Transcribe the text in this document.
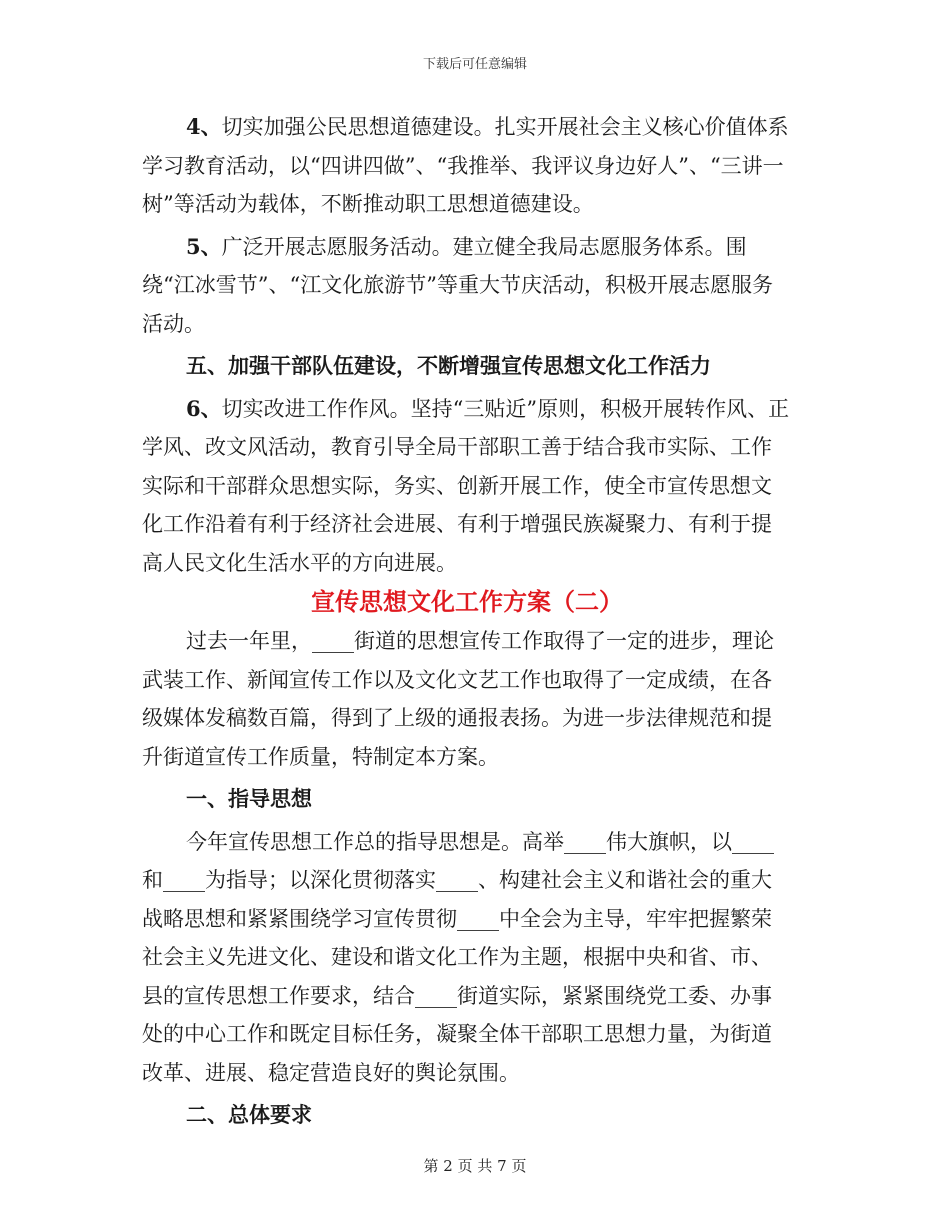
下载后可任意编辑

4、切实加强公民思想道德建设。扎实开展社会主义核心价值体系学习教育活动，以“四讲四做”、“我推举、我评议身边好人”、“三讲一树”等活动为载体，不断推动职工思想道德建设。

5、广泛开展志愿服务活动。建立健全我局志愿服务体系。围绕“江冰雪节”、“江文化旅游节”等重大节庆活动，积极开展志愿服务活动。

五、加强干部队伍建设，不断增强宣传思想文化工作活力

6、切实改进工作作风。坚持“三贴近”原则，积极开展转作风、正学风、改文风活动，教育引导全局干部职工善于结合我市实际、工作实际和干部群众思想实际，务实、创新开展工作，使全市宣传思想文化工作沿着有利于经济社会进展、有利于增强民族凝聚力、有利于提高人民文化生活水平的方向进展。

宣传思想文化工作方案（二）

过去一年里，____街道的思想宣传工作取得了一定的进步，理论武装工作、新闻宣传工作以及文化文艺工作也取得了一定成绩，在各级媒体发稿数百篇，得到了上级的通报表扬。为进一步法律规范和提升街道宣传工作质量，特制定本方案。

一、指导思想

今年宣传思想工作总的指导思想是。高举____伟大旗帜，以____和____为指导；以深化贯彻落实____、构建社会主义和谐社会的重大战略思想和紧紧围绕学习宣传贯彻____中全会为主导，牢牢把握繁荣社会主义先进文化、建设和谐文化工作为主题，根据中央和省、市、县的宣传思想工作要求，结合____街道实际，紧紧围绕党工委、办事处的中心工作和既定目标任务，凝聚全体干部职工思想力量，为街道改革、进展、稳定营造良好的舆论氛围。

二、总体要求

第 2 页 共 7 页
